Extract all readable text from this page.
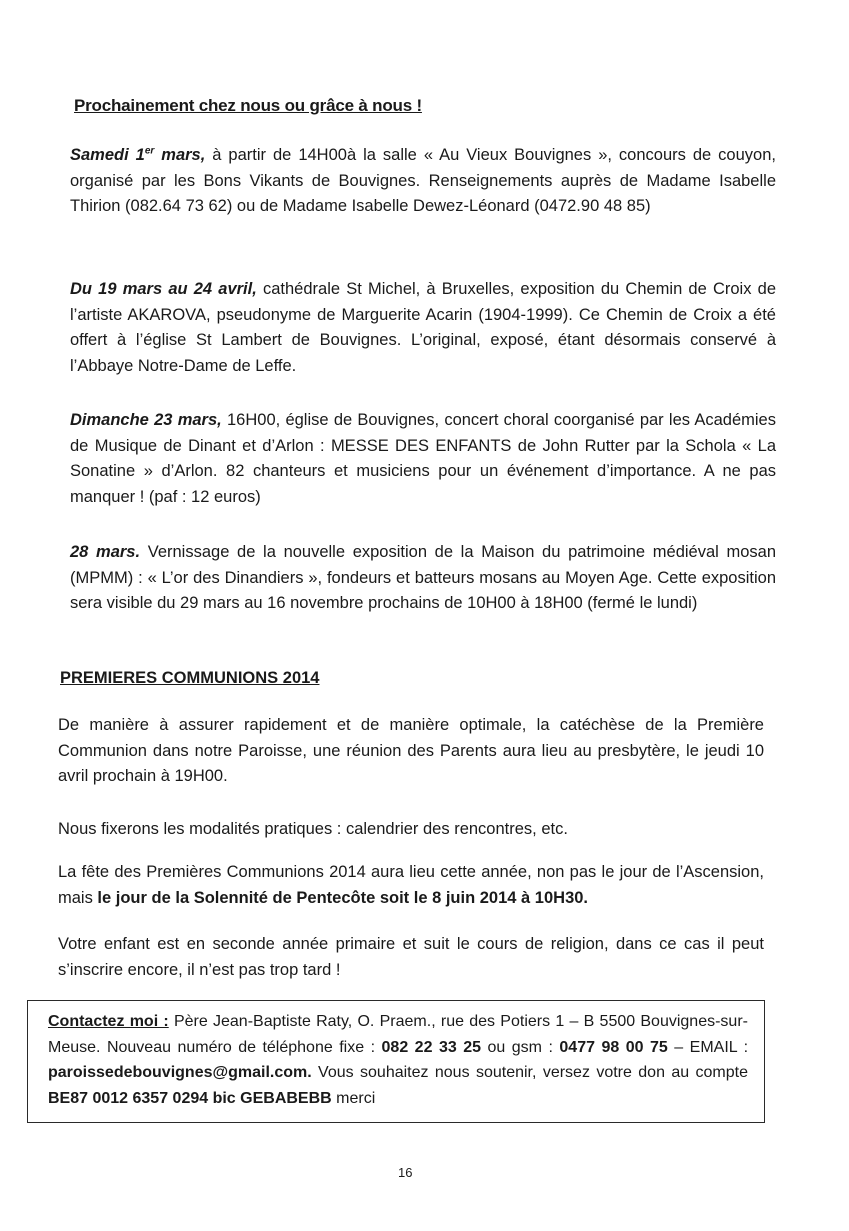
Prochainement chez nous ou grâce à nous !

Samedi 1er mars, à partir de 14H00à la salle « Au Vieux Bouvignes », concours de couyon, organisé par les Bons Vikants de Bouvignes. Renseignements auprès de Madame Isabelle Thirion (082.64 73 62) ou de Madame Isabelle Dewez-Léonard (0472.90 48 85)

Du 19 mars au 24 avril, cathédrale St Michel, à Bruxelles, exposition du Chemin de Croix de l’artiste AKAROVA, pseudonyme de Marguerite Acarin (1904-1999). Ce Chemin de Croix a été offert à l’église St Lambert de Bouvignes. L’original, exposé, étant désormais conservé à l’Abbaye Notre-Dame de Leffe.

Dimanche 23 mars, 16H00, église de Bouvignes, concert choral coorganisé par les Académies de Musique de Dinant et d’Arlon : MESSE DES ENFANTS de John Rutter par la Schola « La Sonatine » d’Arlon. 82 chanteurs et musiciens pour un événement d’importance. A ne pas manquer ! (paf : 12 euros)

28 mars. Vernissage de la nouvelle exposition de la Maison du patrimoine médiéval mosan (MPMM) : « L’or des Dinandiers », fondeurs et batteurs mosans au Moyen Age. Cette exposition sera visible du 29 mars au 16 novembre prochains de 10H00 à 18H00 (fermé le lundi)

PREMIERES COMMUNIONS 2014

De manière à assurer rapidement et de manière optimale, la catéchèse de la Première Communion dans notre Paroisse, une réunion des Parents aura lieu au presbytère, le jeudi 10 avril prochain à 19H00.

Nous fixerons les modalités pratiques : calendrier des rencontres, etc.

La fête des Premières Communions 2014 aura lieu cette année, non pas le jour de l’Ascension, mais le jour de la Solennité de Pentecôte soit le 8 juin 2014 à 10H30.

Votre enfant est en seconde année primaire et suit le cours de religion, dans ce cas il peut s’inscrire encore, il n’est pas trop tard !

Contactez moi : Père Jean-Baptiste Raty, O. Praem., rue des Potiers 1 – B 5500 Bouvignes-sur-Meuse. Nouveau numéro de téléphone fixe : 082 22 33 25 ou gsm : 0477 98 00 75 – EMAIL : paroissedebouvignes@gmail.com. Vous souhaitez nous soutenir, versez votre don au compte BE87 0012 6357 0294 bic GEBABEBB merci

16
